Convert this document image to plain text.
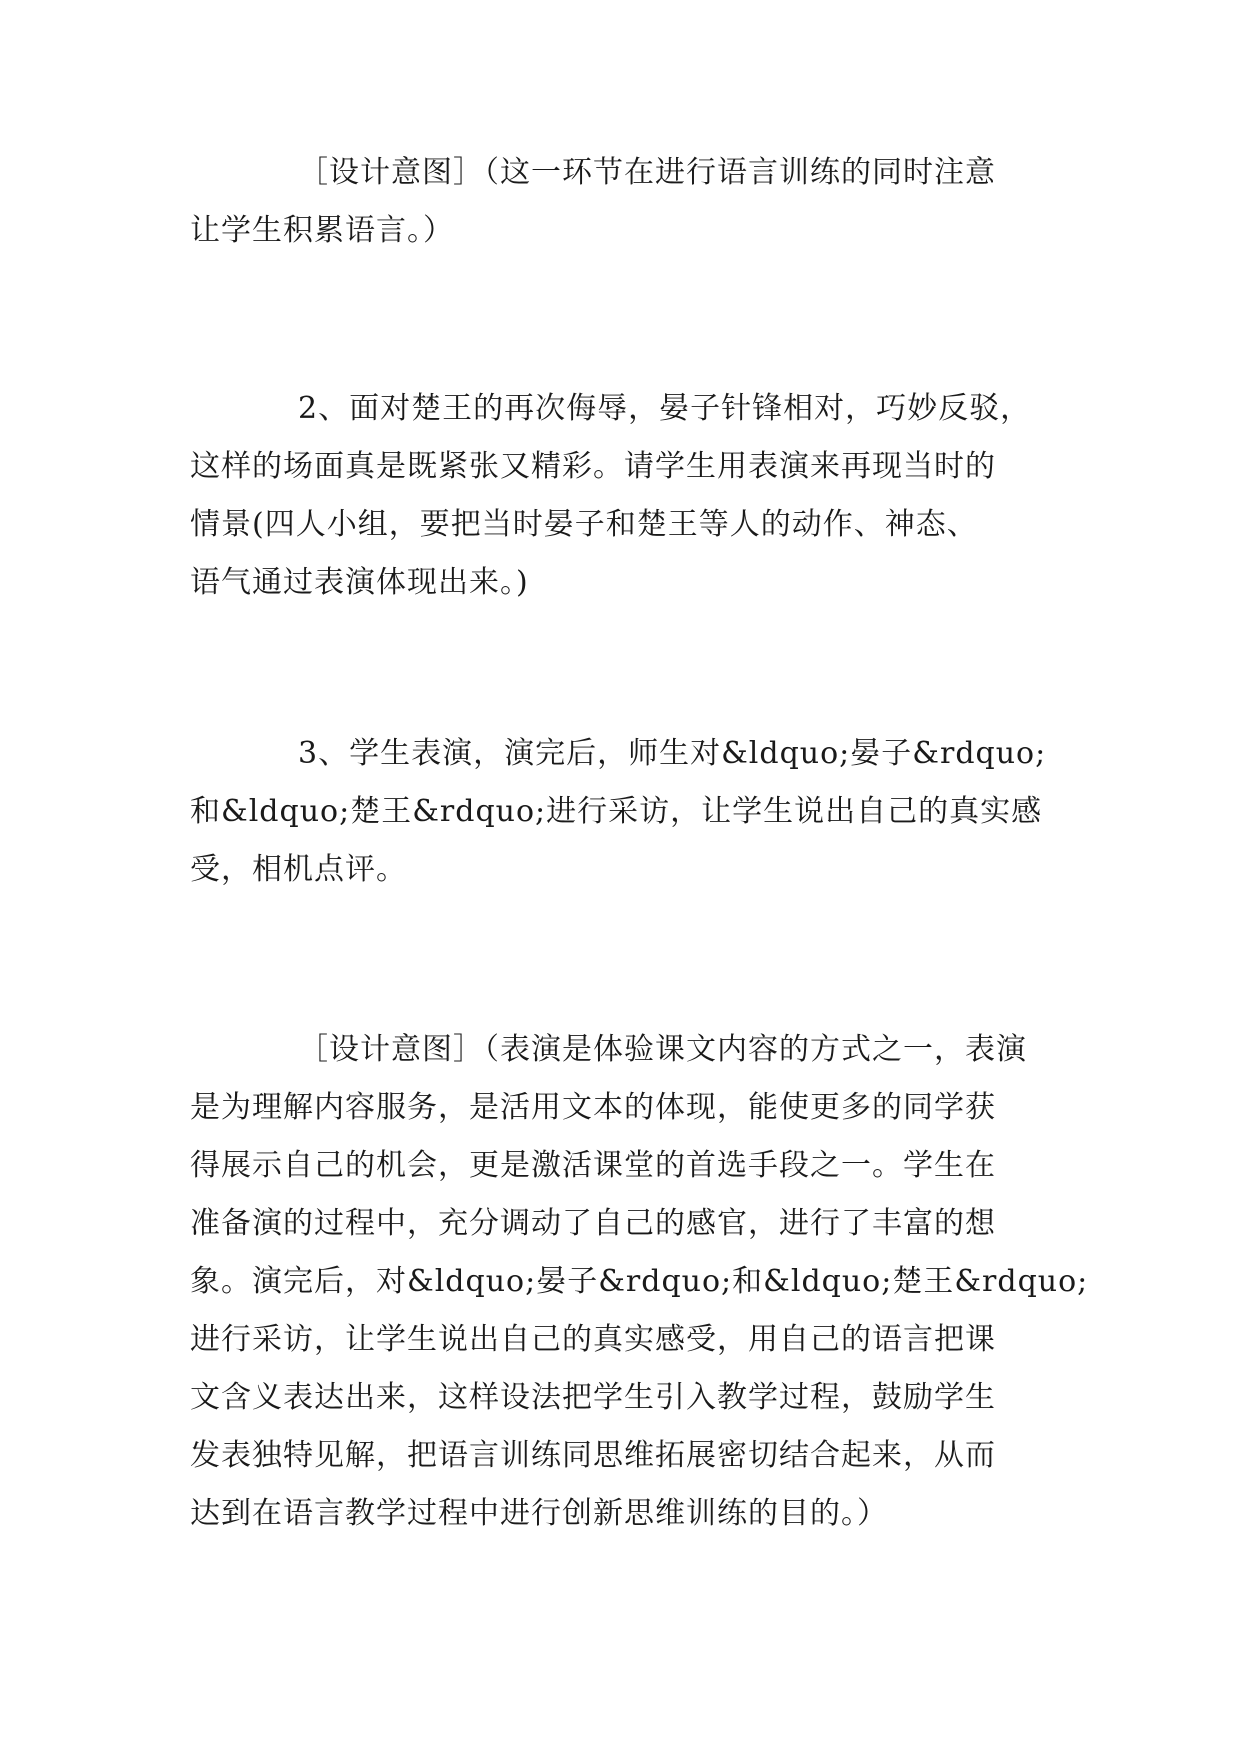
［设计意图］（这一环节在进行语言训练的同时注意
让学生积累语言。）
2、面对楚王的再次侮辱，晏子针锋相对，巧妙反驳，
这样的场面真是既紧张又精彩。请学生用表演来再现当时的
情景(四人小组，要把当时晏子和楚王等人的动作、神态、
语气通过表演体现出来。)
3、学生表演，演完后，师生对&ldquo;晏子&rdquo;
和&ldquo;楚王&rdquo;进行采访，让学生说出自己的真实感
受，相机点评。
［设计意图］（表演是体验课文内容的方式之一，表演
是为理解内容服务，是活用文本的体现，能使更多的同学获
得展示自己的机会，更是激活课堂的首选手段之一。学生在
准备演的过程中，充分调动了自己的感官，进行了丰富的想
象。演完后，对&ldquo;晏子&rdquo;和&ldquo;楚王&rdquo;
进行采访，让学生说出自己的真实感受，用自己的语言把课
文含义表达出来，这样设法把学生引入教学过程，鼓励学生
发表独特见解，把语言训练同思维拓展密切结合起来，从而
达到在语言教学过程中进行创新思维训练的目的。）
